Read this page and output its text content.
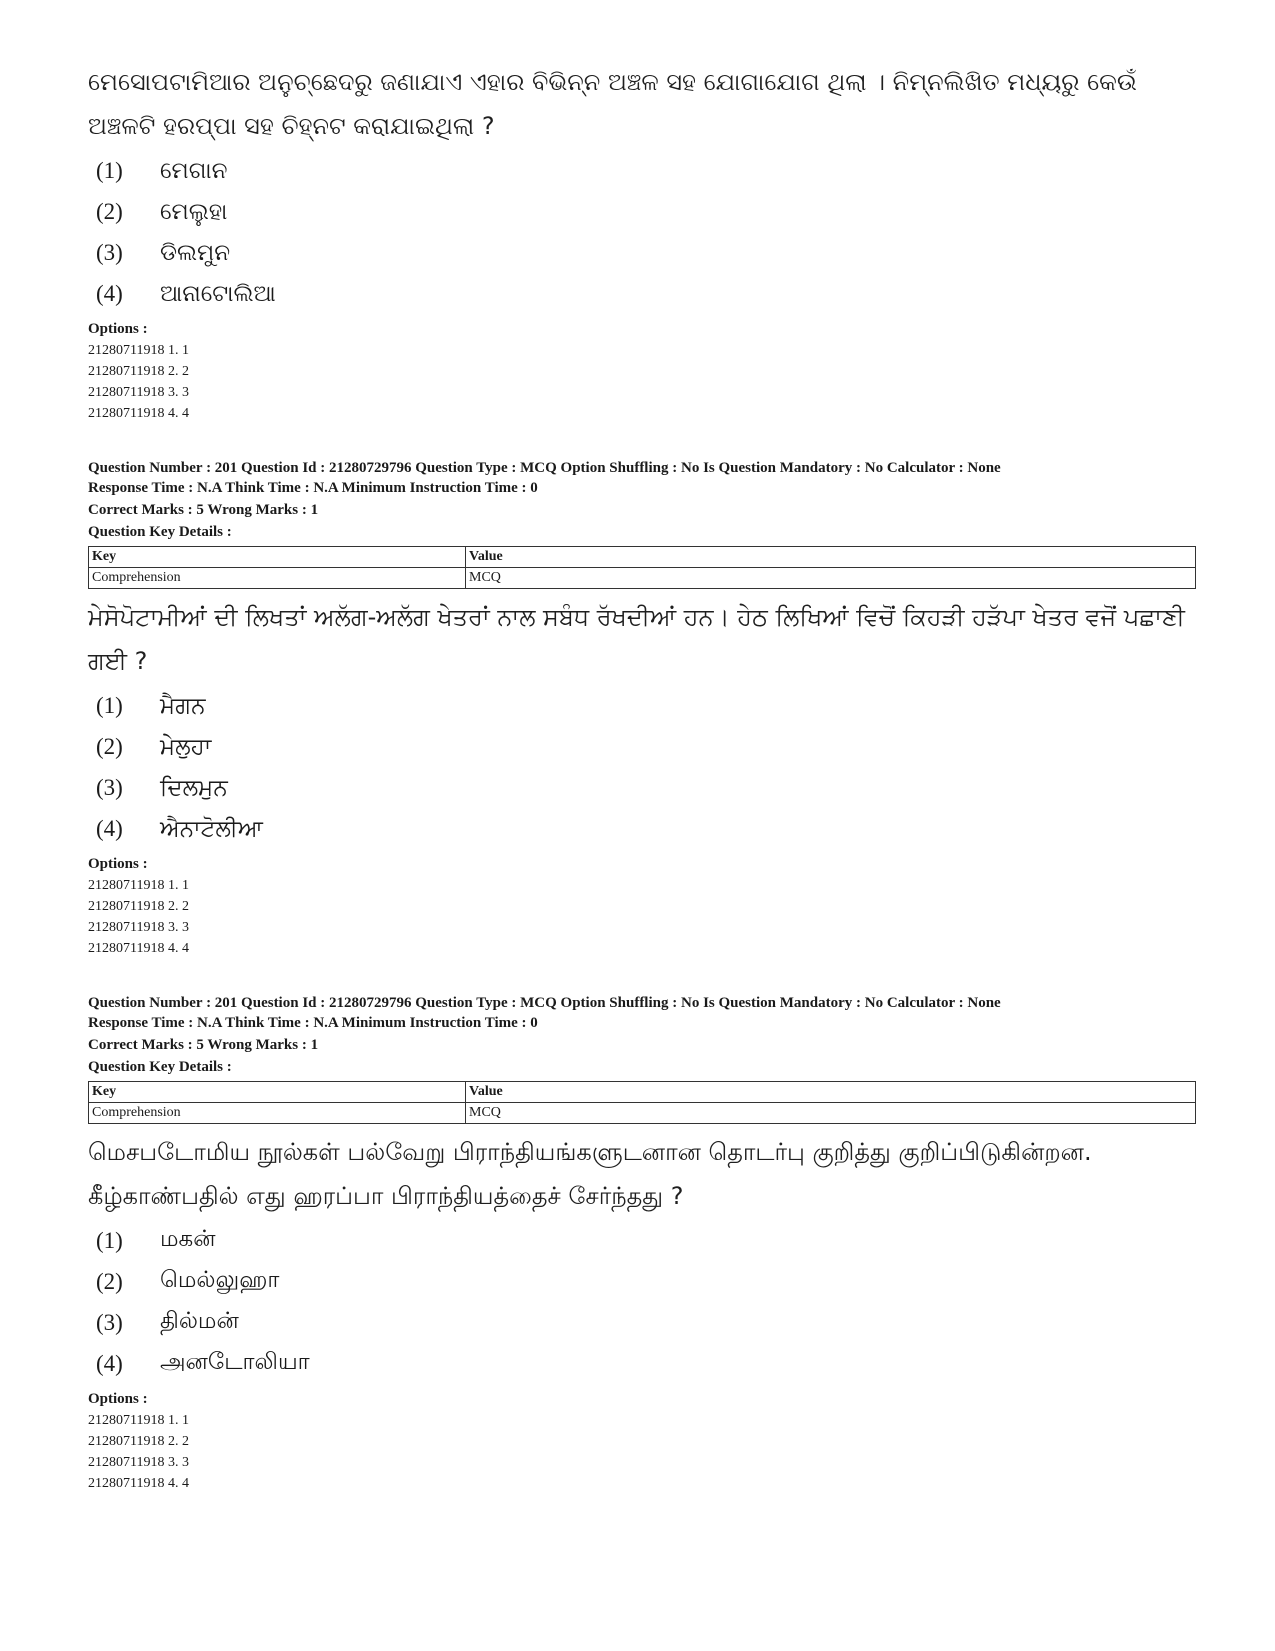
ମେସୋପଟାମିଆର ଅନୁଚ୍ଛେଦରୁ ଜଣାଯାଏ ଏହାର ବିଭିନ୍ନ ଅଞ୍ଚଳ ସହ ଯୋଗାଯୋଗ ଥିଲା । ନିମ୍ନଲିଖିତ ମଧ୍ୟରୁ କେଉଁ ଅଞ୍ଚଳଟି ହରପ୍ପା ସହ ଚିହ୍ନଟ କରାଯାଇଥିଲା ?
(1)	ମେଗାନ
(2)	ମେଲୁହା
(3)	ଡିଲମୁନ
(4)	ଆନାଟୋଲିଆ
Options :
21280711918 1. 1
21280711918 2. 2
21280711918 3. 3
21280711918 4. 4
Question Number : 201 Question Id : 21280729796 Question Type : MCQ Option Shuffling : No Is Question Mandatory : No Calculator : None
Response Time : N.A Think Time : N.A Minimum Instruction Time : 0
Correct Marks : 5 Wrong Marks : 1
Question Key Details :
Key	Value
Comprehension	MCQ
ਮੇਸੋਪੋਟਾਮੀਆਂ ਦੀ ਲਿਖਤਾਂ ਅਲੱਗ-ਅਲੱਗ ਖੇਤਰਾਂ ਨਾਲ ਸਬੰਧ ਰੱਖਦੀਆਂ ਹਨ। ਹੇਠ ਲਿਖਿਆਂ ਵਿਚੋਂ ਕਿਹੜੀ ਹੜੱਪਾ ਖੇਤਰ ਵਜੋਂ ਪਛਾਣੀ ਗਈ ?
(1)	ਮੈਗਨ
(2)	ਮੇਲੁਹਾ
(3)	ਦਿਲਮੁਨ
(4)	ਐਨਾਟੋਲੀਆ
Options :
21280711918 1. 1
21280711918 2. 2
21280711918 3. 3
21280711918 4. 4
Question Number : 201 Question Id : 21280729796 Question Type : MCQ Option Shuffling : No Is Question Mandatory : No Calculator : None
Response Time : N.A Think Time : N.A Minimum Instruction Time : 0
Correct Marks : 5 Wrong Marks : 1
Question Key Details :
Key	Value
Comprehension	MCQ
மெசபடோமிய நூல்கள் பல்வேறு பிராந்தியங்களுடனான தொடர்பு குறித்து குறிப்பிடுகின்றன. கீழ்காண்பதில் எது ஹரப்பா பிராந்தியத்தைச் சேர்ந்தது ?
(1)	மகன்
(2)	மெல்லுஹா
(3)	தில்மன்
(4)	அனடோலியா
Options :
21280711918 1. 1
21280711918 2. 2
21280711918 3. 3
21280711918 4. 4
